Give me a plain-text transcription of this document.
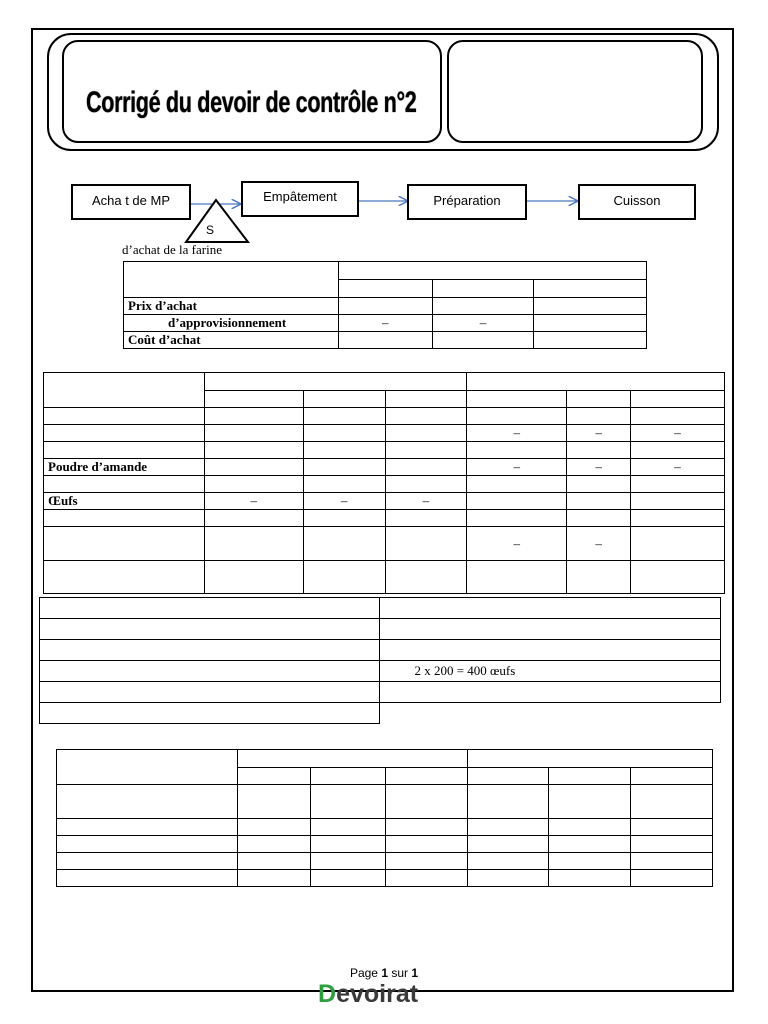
Corrigé du devoir de contrôle n°2
S
Acha t de MP	Empâtement	Préparation	Cuisson
d’achat de la farine

Prix d’achat			
d’approvisionnement	–	–	
Coût d’achat			

				–	–	–

Poudre d’amande				–	–	–

Œufs	–	–	–			

				–	–	

	2 x 200 = 400 œufs

Page 1 sur 1
Devoirat
